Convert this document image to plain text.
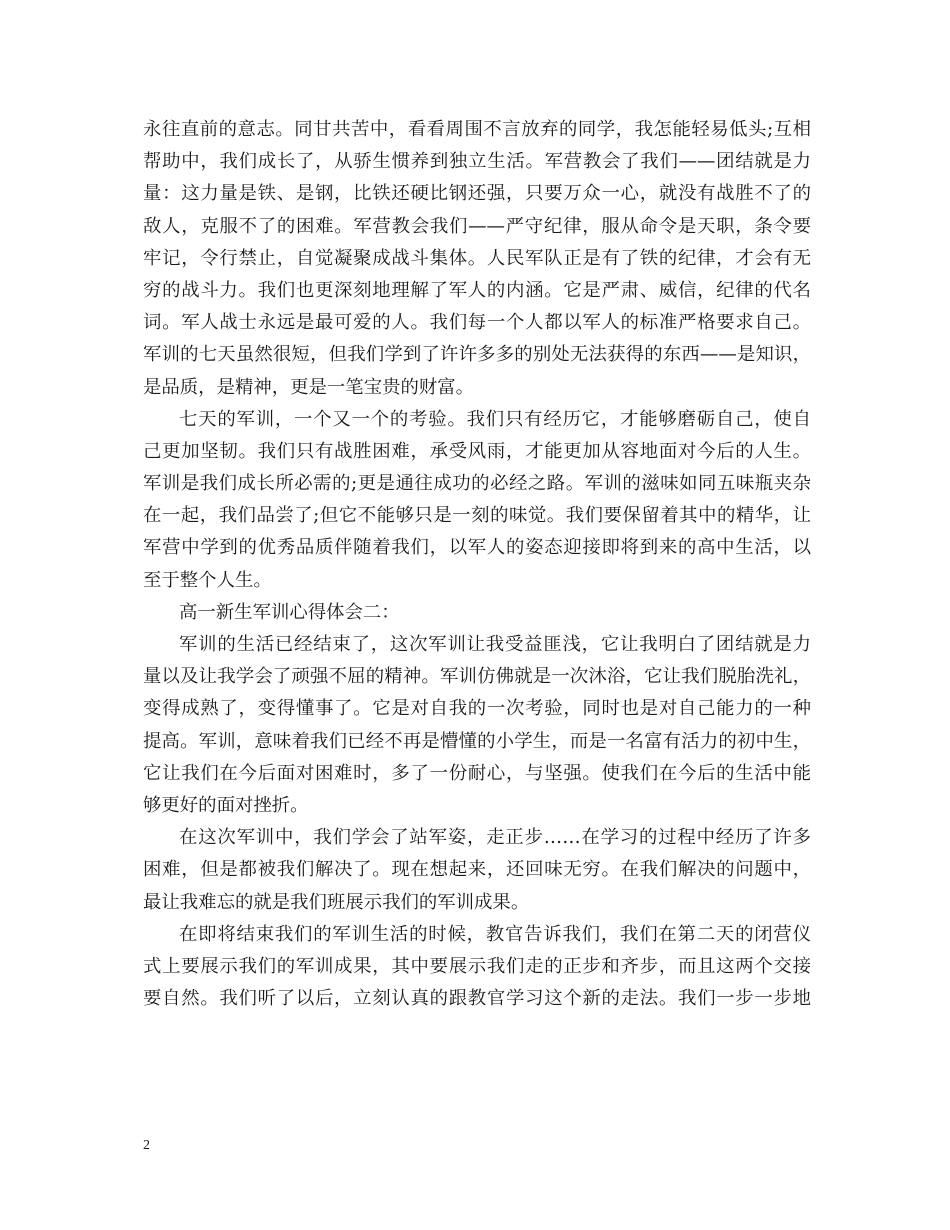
永往直前的意志。同甘共苦中，看看周围不言放弃的同学，我怎能轻易低头;互相
帮助中，我们成长了，从骄生惯养到独立生活。军营教会了我们——团结就是力
量：这力量是铁、是钢，比铁还硬比钢还强，只要万众一心，就没有战胜不了的
敌人，克服不了的困难。军营教会我们——严守纪律，服从命令是天职，条令要
牢记，令行禁止，自觉凝聚成战斗集体。人民军队正是有了铁的纪律，才会有无
穷的战斗力。我们也更深刻地理解了军人的内涵。它是严肃、威信，纪律的代名
词。军人战士永远是最可爱的人。我们每一个人都以军人的标准严格要求自己。
军训的七天虽然很短，但我们学到了许许多多的别处无法获得的东西——是知识，
是品质，是精神，更是一笔宝贵的财富。
七天的军训，一个又一个的考验。我们只有经历它，才能够磨砺自己，使自
己更加坚韧。我们只有战胜困难，承受风雨，才能更加从容地面对今后的人生。
军训是我们成长所必需的;更是通往成功的必经之路。军训的滋味如同五味瓶夹杂
在一起，我们品尝了;但它不能够只是一刻的味觉。我们要保留着其中的精华，让
军营中学到的优秀品质伴随着我们，以军人的姿态迎接即将到来的高中生活，以
至于整个人生。
高一新生军训心得体会二：
军训的生活已经结束了，这次军训让我受益匪浅，它让我明白了团结就是力
量以及让我学会了顽强不屈的精神。军训仿佛就是一次沐浴，它让我们脱胎洗礼，
变得成熟了，变得懂事了。它是对自我的一次考验，同时也是对自己能力的一种
提高。军训，意味着我们已经不再是懵懂的小学生，而是一名富有活力的初中生，
它让我们在今后面对困难时，多了一份耐心，与坚强。使我们在今后的生活中能
够更好的面对挫折。
在这次军训中，我们学会了站军姿，走正步……在学习的过程中经历了许多
困难，但是都被我们解决了。现在想起来，还回味无穷。在我们解决的问题中，
最让我难忘的就是我们班展示我们的军训成果。
在即将结束我们的军训生活的时候，教官告诉我们，我们在第二天的闭营仪
式上要展示我们的军训成果，其中要展示我们走的正步和齐步，而且这两个交接
要自然。我们听了以后，立刻认真的跟教官学习这个新的走法。我们一步一步地
2
